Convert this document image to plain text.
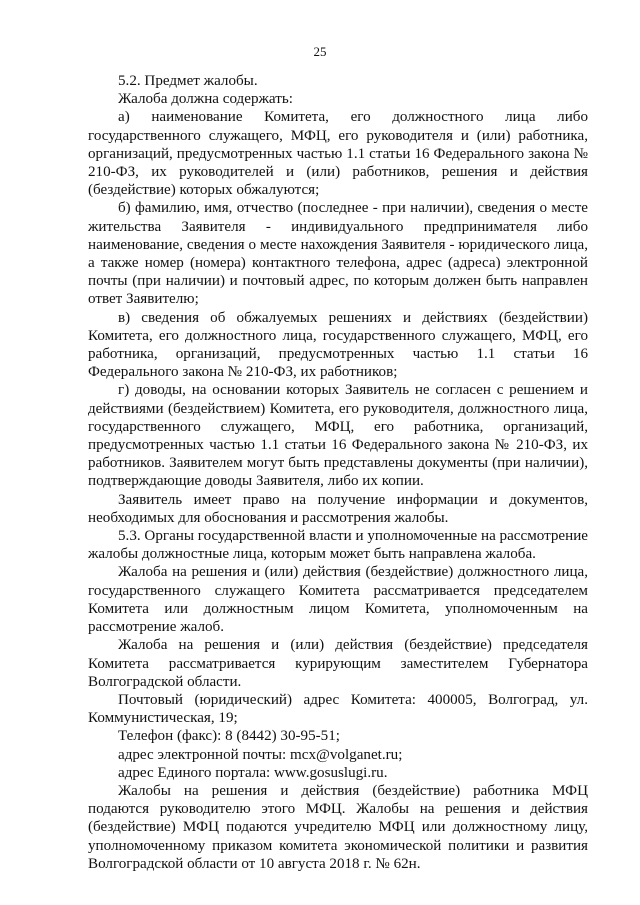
25

5.2. Предмет жалобы.

Жалоба должна содержать:

а) наименование Комитета, его должностного лица либо государственного служащего, МФЦ, его руководителя и (или) работника, организаций, предусмотренных частью 1.1 статьи 16 Федерального закона № 210-ФЗ, их руководителей и (или) работников, решения и действия (бездействие) которых обжалуются;

б) фамилию, имя, отчество (последнее - при наличии), сведения о месте жительства Заявителя - индивидуального предпринимателя либо наименование, сведения о месте нахождения Заявителя - юридического лица, а также номер (номера) контактного телефона, адрес (адреса) электронной почты (при наличии) и почтовый адрес, по которым должен быть направлен ответ Заявителю;

в) сведения об обжалуемых решениях и действиях (бездействии) Комитета, его должностного лица, государственного служащего, МФЦ, его работника, организаций, предусмотренных частью 1.1 статьи 16 Федерального закона № 210-ФЗ, их работников;

г) доводы, на основании которых Заявитель не согласен с решением и действиями (бездействием) Комитета, его руководителя, должностного лица, государственного служащего, МФЦ, его работника, организаций, предусмотренных частью 1.1 статьи 16 Федерального закона № 210-ФЗ, их работников. Заявителем могут быть представлены документы (при наличии), подтверждающие доводы Заявителя, либо их копии.

Заявитель имеет право на получение информации и документов, необходимых для обоснования и рассмотрения жалобы.

5.3. Органы государственной власти и уполномоченные на рассмотрение жалобы должностные лица, которым может быть направлена жалоба.

Жалоба на решения и (или) действия (бездействие) должностного лица, государственного служащего Комитета рассматривается председателем Комитета или должностным лицом Комитета, уполномоченным на рассмотрение жалоб.

Жалоба на решения и (или) действия (бездействие) председателя Комитета рассматривается курирующим заместителем Губернатора Волгоградской области.

Почтовый (юридический) адрес Комитета: 400005, Волгоград, ул. Коммунистическая, 19;

Телефон (факс): 8 (8442) 30-95-51;

адрес электронной почты: mcx@volganet.ru;

адрес Единого портала: www.gosuslugi.ru.

Жалобы на решения и действия (бездействие) работника МФЦ подаются руководителю этого МФЦ. Жалобы на решения и действия (бездействие) МФЦ подаются учредителю МФЦ или должностному лицу, уполномоченному приказом комитета экономической политики и развития Волгоградской области от 10 августа 2018 г. № 62н.
